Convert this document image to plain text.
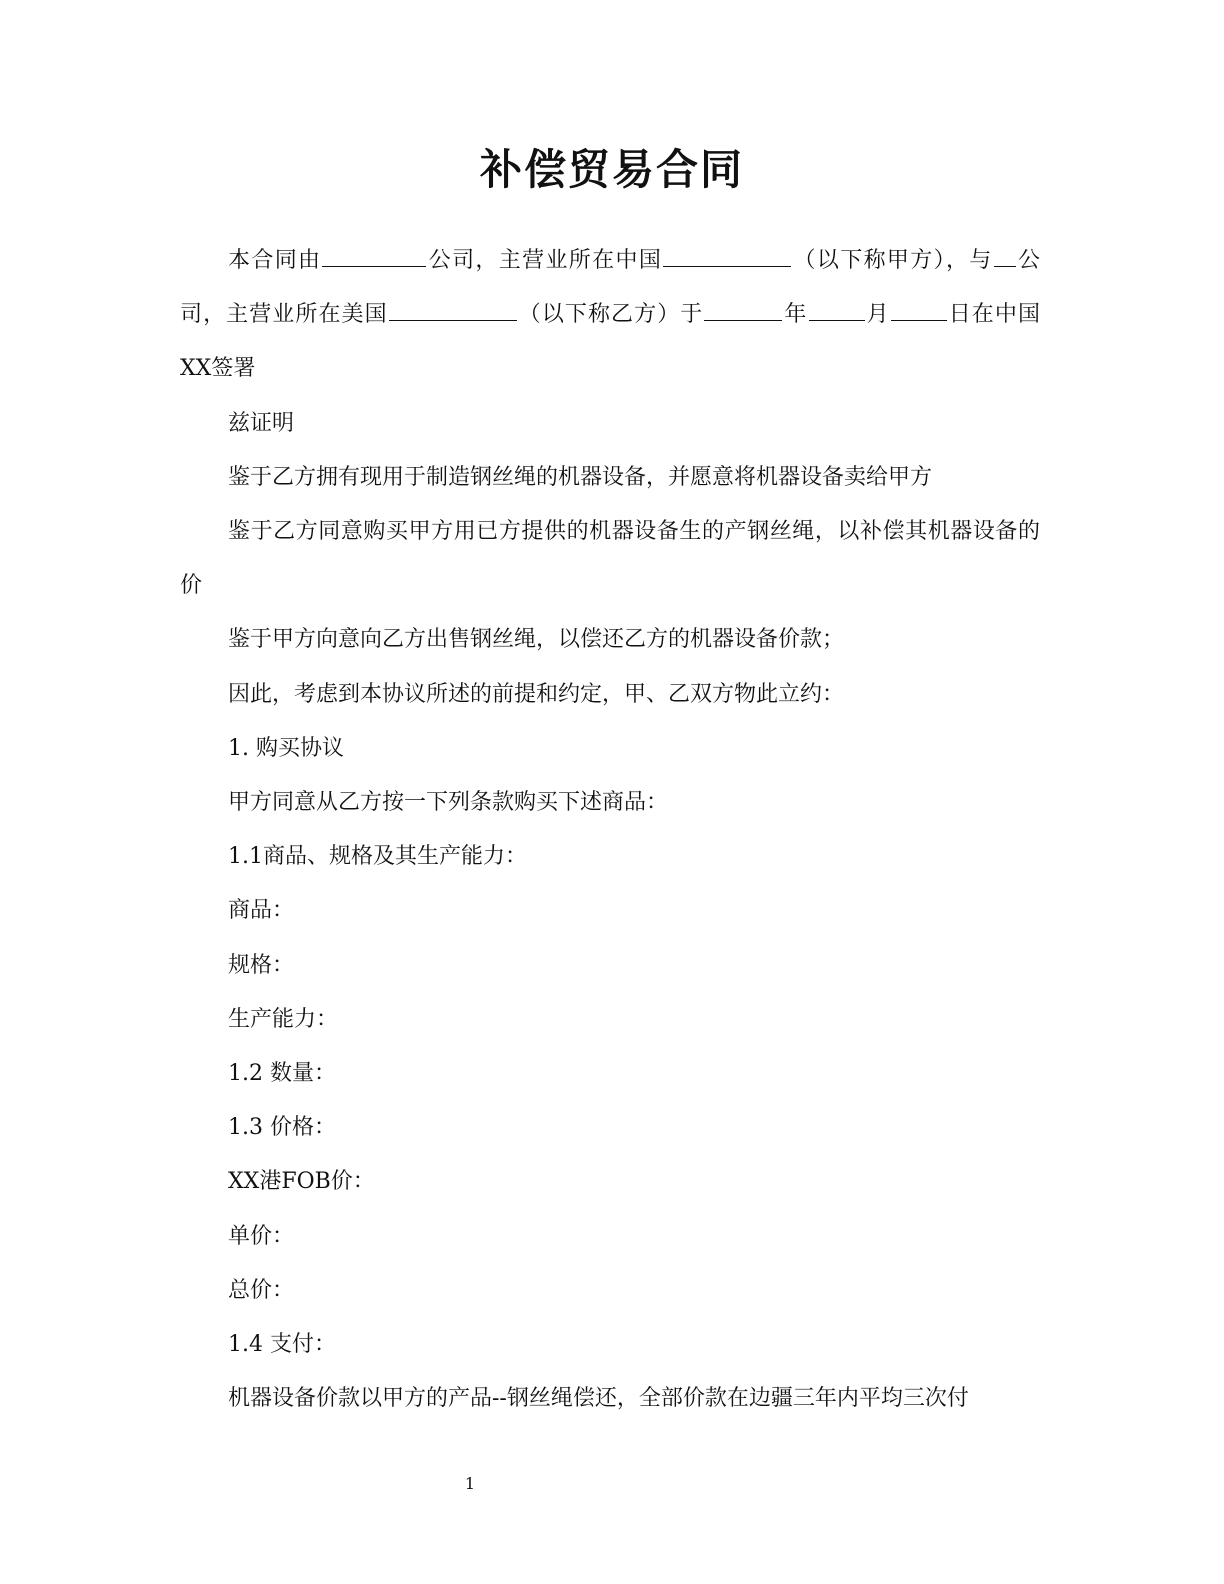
补偿贸易合同

本合同由	公司，主营业所在中国	（以下称甲方），与 公司，主营业所在美国	（以下称乙方）于	年	月	日在中国XX签署

兹证明

鉴于乙方拥有现用于制造钢丝绳的机器设备，并愿意将机器设备卖给甲方

鉴于乙方同意购买甲方用已方提供的机器设备生的产钢丝绳，以补偿其机器设备的价

鉴于甲方向意向乙方出售钢丝绳，以偿还乙方的机器设备价款；

因此，考虑到本协议所述的前提和约定，甲、乙双方物此立约：

1. 购买协议

甲方同意从乙方按一下列条款购买下述商品：

1.1商品、规格及其生产能力：

商品：

规格：

生产能力：

1.2 数量：

1.3 价格：

XX港FOB价：

单价：

总价：

1.4 支付：

机器设备价款以甲方的产品--钢丝绳偿还，全部价款在边疆三年内平均三次付

1
